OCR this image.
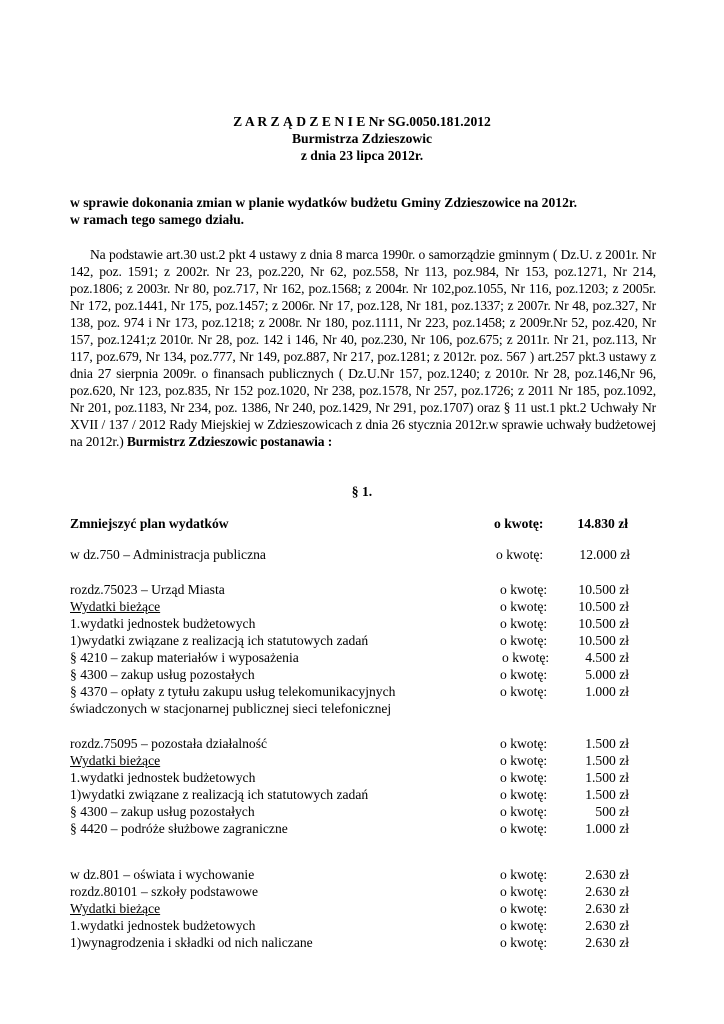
Z A R Z Ą D Z E N I E Nr SG.0050.181.2012
Burmistrza Zdzieszowic
z dnia 23 lipca 2012r.
w sprawie dokonania zmian w planie wydatków budżetu Gminy Zdzieszowice na 2012r.
w ramach tego samego działu.

Na podstawie art.30 ust.2 pkt 4 ustawy z dnia 8 marca 1990r. o samorządzie gminnym ( Dz.U. z 2001r. Nr 142, poz. 1591; z 2002r. Nr 23, poz.220, Nr 62, poz.558, Nr 113, poz.984, Nr 153, poz.1271, Nr 214, poz.1806; z 2003r. Nr 80, poz.717, Nr 162, poz.1568; z 2004r. Nr 102,poz.1055, Nr 116, poz.1203; z 2005r. Nr 172, poz.1441, Nr 175, poz.1457; z 2006r. Nr 17, poz.128, Nr 181, poz.1337; z 2007r. Nr 48, poz.327, Nr 138, poz. 974 i Nr 173, poz.1218; z 2008r. Nr 180, poz.1111, Nr 223, poz.1458; z 2009r.Nr 52, poz.420, Nr 157, poz.1241;z 2010r. Nr 28, poz. 142 i 146, Nr 40, poz.230, Nr 106, poz.675; z 2011r. Nr 21, poz.113, Nr 117, poz.679, Nr 134, poz.777, Nr 149, poz.887, Nr 217, poz.1281; z 2012r. poz. 567 ) art.257 pkt.3 ustawy z dnia 27 sierpnia 2009r. o finansach publicznych ( Dz.U.Nr 157, poz.1240; z 2010r. Nr 28, poz.146,Nr 96, poz.620, Nr 123, poz.835, Nr 152 poz.1020, Nr 238, poz.1578, Nr 257, poz.1726; z 2011 Nr 185, poz.1092, Nr 201, poz.1183, Nr 234, poz. 1386, Nr 240, poz.1429, Nr 291, poz.1707) oraz § 11 ust.1 pkt.2 Uchwały Nr XVII / 137 / 2012 Rady Miejskiej w Zdzieszowicach z dnia 26 stycznia 2012r.w sprawie uchwały budżetowej na 2012r.) Burmistrz Zdzieszowic postanawia :

§ 1.
Zmniejszyć plan wydatków	o kwotę: 14.830 zł
w dz.750 – Administracja publiczna	o kwotę:	12.000 zł
rozdz.75023 – Urząd Miasta	o kwotę: 10.500 zł
Wydatki bieżące	o kwotę: 10.500 zł
1.wydatki jednostek budżetowych	o kwotę: 10.500 zł
1)wydatki związane z realizacją ich statutowych zadań	o kwotę: 10.500 zł
§ 4210 – zakup materiałów i wyposażenia	o kwotę:	4.500 zł
§ 4300 – zakup usług pozostałych	o kwotę:	5.000 zł
§ 4370 – opłaty z tytułu zakupu usług telekomunikacyjnych	o kwotę:	1.000 zł
świadczonych w stacjonarnej publicznej sieci telefonicznej
rozdz.75095 – pozostała działalność	o kwotę:	1.500 zł
Wydatki bieżące	o kwotę:	1.500 zł
1.wydatki jednostek budżetowych	o kwotę:	1.500 zł
1)wydatki związane z realizacją ich statutowych zadań	o kwotę:	1.500 zł
§ 4300 – zakup usług pozostałych	o kwotę:	500 zł
§ 4420 – podróże służbowe zagraniczne	o kwotę:	1.000 zł
w dz.801 – oświata i wychowanie	o kwotę:	2.630 zł
rozdz.80101 – szkoły podstawowe	o kwotę:	2.630 zł
Wydatki bieżące	o kwotę:	2.630 zł
1.wydatki jednostek budżetowych	o kwotę:	2.630 zł
1)wynagrodzenia i składki od nich naliczane	o kwotę:	2.630 zł
